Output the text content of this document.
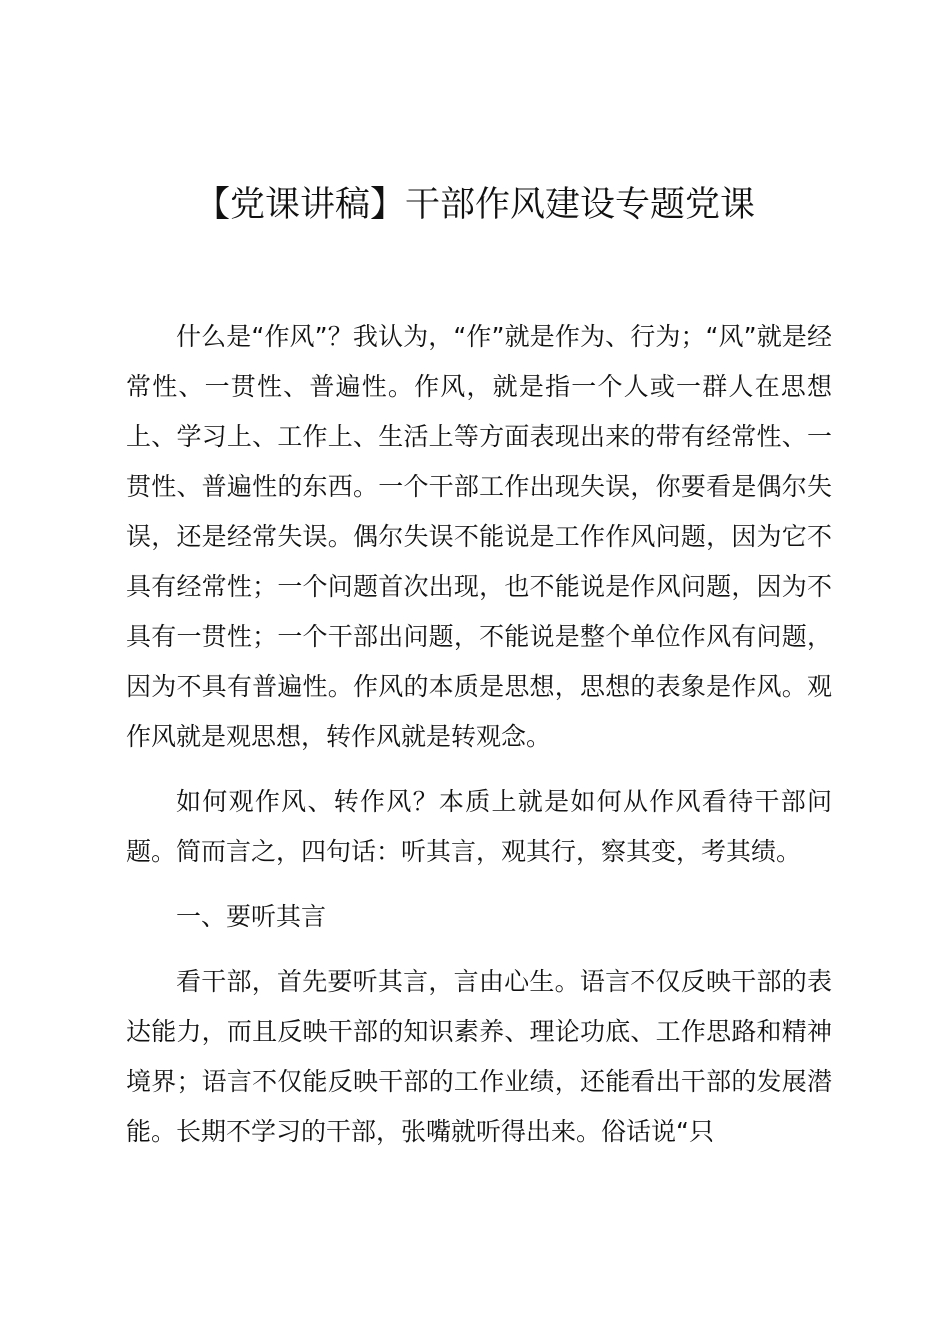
【党课讲稿】干部作风建设专题党课

什么是“作风”？我认为，“作”就是作为、行为；“风”就是经常性、一贯性、普遍性。作风，就是指一个人或一群人在思想上、学习上、工作上、生活上等方面表现出来的带有经常性、一贯性、普遍性的东西。一个干部工作出现失误，你要看是偶尔失误，还是经常失误。偶尔失误不能说是工作作风问题，因为它不具有经常性；一个问题首次出现，也不能说是作风问题，因为不具有一贯性；一个干部出问题，不能说是整个单位作风有问题，因为不具有普遍性。作风的本质是思想，思想的表象是作风。观作风就是观思想，转作风就是转观念。

如何观作风、转作风？本质上就是如何从作风看待干部问题。简而言之，四句话：听其言，观其行，察其变，考其绩。

一、要听其言

看干部，首先要听其言，言由心生。语言不仅反映干部的表达能力，而且反映干部的知识素养、理论功底、工作思路和精神境界；语言不仅能反映干部的工作业绩，还能看出干部的发展潜能。长期不学习的干部，张嘴就听得出来。俗话说“只
